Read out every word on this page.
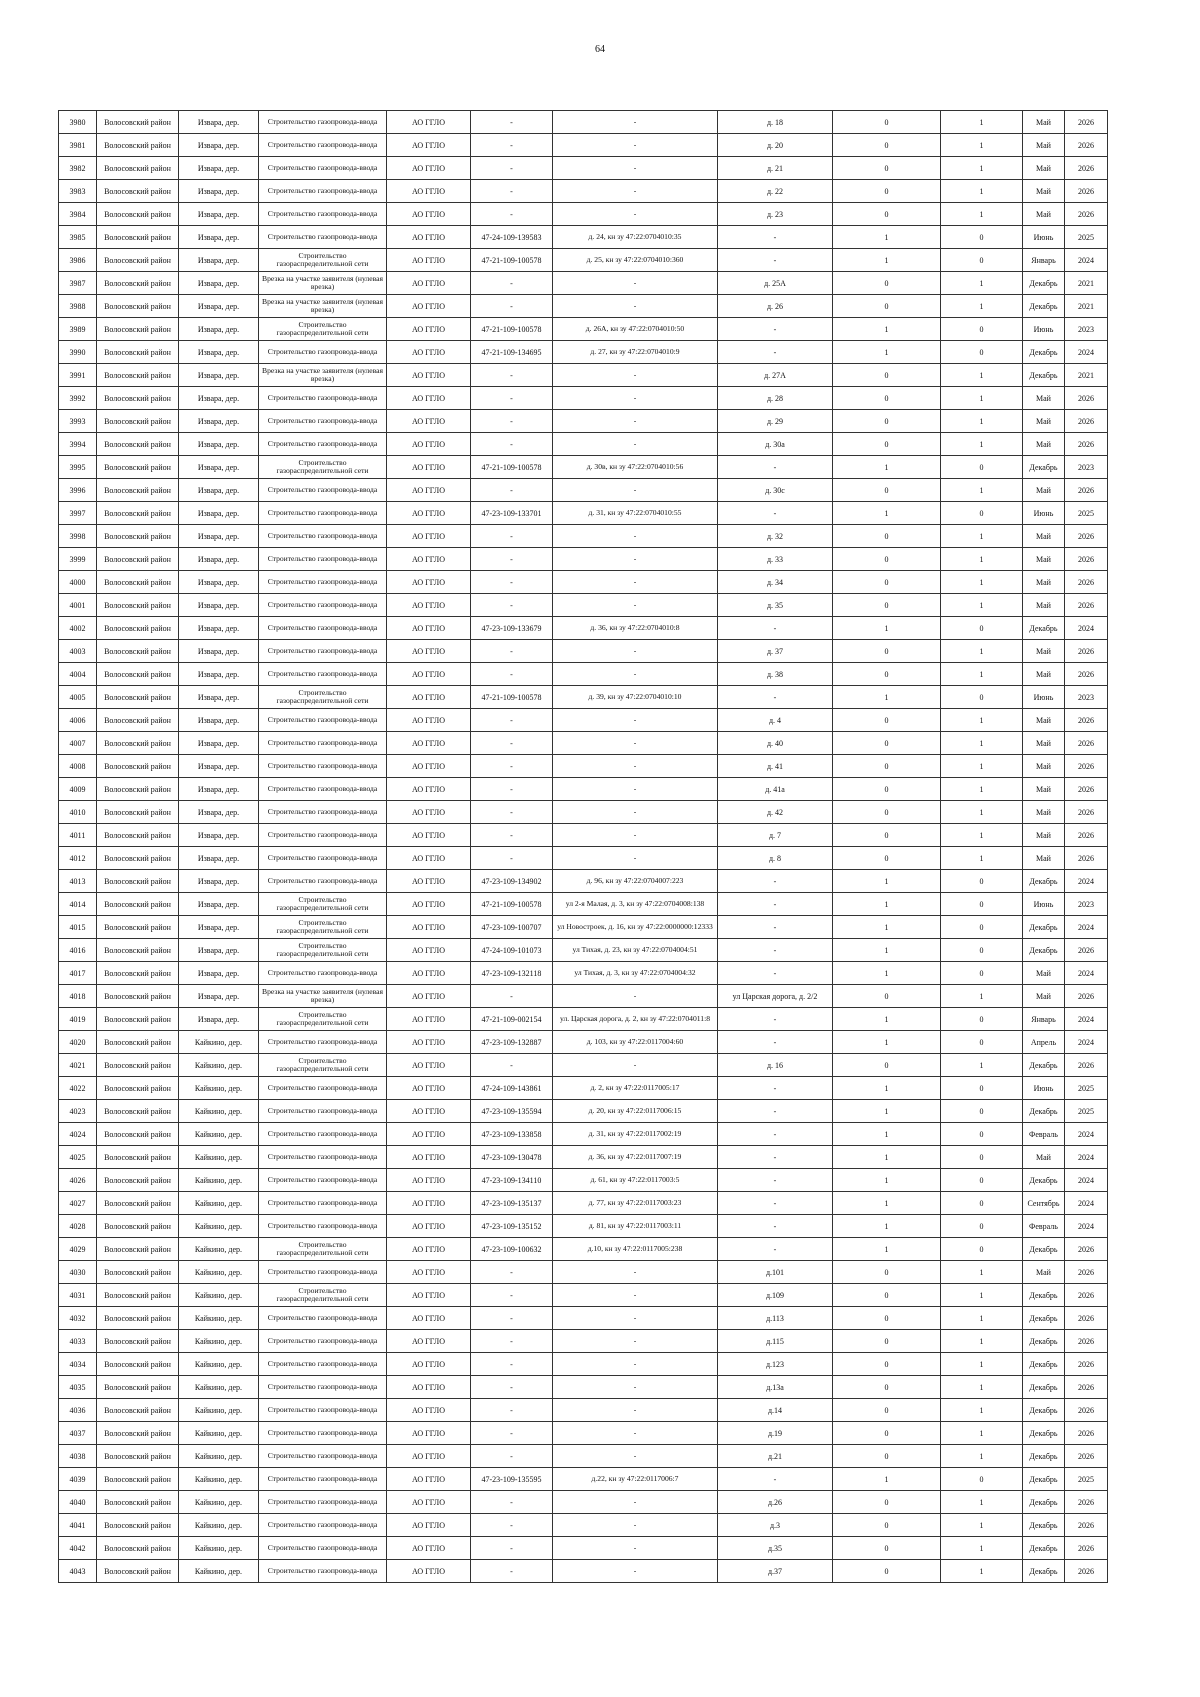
64
3980	Волосовский район	Извара, дер.	Строительство газопровода-ввода	АО ГГЛО	-	-	д. 18	0	1	Май	2026
3981	Волосовский район	Извара, дер.	Строительство газопровода-ввода	АО ГГЛО	-	-	д. 20	0	1	Май	2026
3982	Волосовский район	Извара, дер.	Строительство газопровода-ввода	АО ГГЛО	-	-	д. 21	0	1	Май	2026
3983	Волосовский район	Извара, дер.	Строительство газопровода-ввода	АО ГГЛО	-	-	д. 22	0	1	Май	2026
3984	Волосовский район	Извара, дер.	Строительство газопровода-ввода	АО ГГЛО	-	-	д. 23	0	1	Май	2026
3985	Волосовский район	Извара, дер.	Строительство газопровода-ввода	АО ГГЛО	47-24-109-139583	д. 24, кн зу 47:22:0704010:35	-	1	0	Июнь	2025
3986	Волосовский район	Извара, дер.	Строительство газораспределительной сети	АО ГГЛО	47-21-109-100578	д. 25, кн зу 47:22:0704010:360	-	1	0	Январь	2024
3987	Волосовский район	Извара, дер.	Врезка на участке заявителя (нулевая врезка)	АО ГГЛО	-	-	д. 25А	0	1	Декабрь	2021
3988	Волосовский район	Извара, дер.	Врезка на участке заявителя (нулевая врезка)	АО ГГЛО	-	-	д. 26	0	1	Декабрь	2021
3989	Волосовский район	Извара, дер.	Строительство газораспределительной сети	АО ГГЛО	47-21-109-100578	д. 26А, кн зу 47:22:0704010:50	-	1	0	Июнь	2023
3990	Волосовский район	Извара, дер.	Строительство газопровода-ввода	АО ГГЛО	47-21-109-134695	д. 27, кн зу 47:22:0704010:9	-	1	0	Декабрь	2024
3991	Волосовский район	Извара, дер.	Врезка на участке заявителя (нулевая врезка)	АО ГГЛО	-	-	д. 27А	0	1	Декабрь	2021
3992	Волосовский район	Извара, дер.	Строительство газопровода-ввода	АО ГГЛО	-	-	д. 28	0	1	Май	2026
3993	Волосовский район	Извара, дер.	Строительство газопровода-ввода	АО ГГЛО	-	-	д. 29	0	1	Май	2026
3994	Волосовский район	Извара, дер.	Строительство газопровода-ввода	АО ГГЛО	-	-	д. 30а	0	1	Май	2026
3995	Волосовский район	Извара, дер.	Строительство газораспределительной сети	АО ГГЛО	47-21-109-100578	д. 30в, кн зу 47:22:0704010:56	-	1	0	Декабрь	2023
3996	Волосовский район	Извара, дер.	Строительство газопровода-ввода	АО ГГЛО	-	-	д. 30с	0	1	Май	2026
3997	Волосовский район	Извара, дер.	Строительство газопровода-ввода	АО ГГЛО	47-23-109-133701	д. 31, кн зу 47:22:0704010:55	-	1	0	Июнь	2025
3998	Волосовский район	Извара, дер.	Строительство газопровода-ввода	АО ГГЛО	-	-	д. 32	0	1	Май	2026
3999	Волосовский район	Извара, дер.	Строительство газопровода-ввода	АО ГГЛО	-	-	д. 33	0	1	Май	2026
4000	Волосовский район	Извара, дер.	Строительство газопровода-ввода	АО ГГЛО	-	-	д. 34	0	1	Май	2026
4001	Волосовский район	Извара, дер.	Строительство газопровода-ввода	АО ГГЛО	-	-	д. 35	0	1	Май	2026
4002	Волосовский район	Извара, дер.	Строительство газопровода-ввода	АО ГГЛО	47-23-109-133679	д. 36, кн зу 47:22:0704010:8	-	1	0	Декабрь	2024
4003	Волосовский район	Извара, дер.	Строительство газопровода-ввода	АО ГГЛО	-	-	д. 37	0	1	Май	2026
4004	Волосовский район	Извара, дер.	Строительство газопровода-ввода	АО ГГЛО	-	-	д. 38	0	1	Май	2026
4005	Волосовский район	Извара, дер.	Строительство газораспределительной сети	АО ГГЛО	47-21-109-100578	д. 39, кн зу 47:22:0704010:10	-	1	0	Июнь	2023
4006	Волосовский район	Извара, дер.	Строительство газопровода-ввода	АО ГГЛО	-	-	д. 4	0	1	Май	2026
4007	Волосовский район	Извара, дер.	Строительство газопровода-ввода	АО ГГЛО	-	-	д. 40	0	1	Май	2026
4008	Волосовский район	Извара, дер.	Строительство газопровода-ввода	АО ГГЛО	-	-	д. 41	0	1	Май	2026
4009	Волосовский район	Извара, дер.	Строительство газопровода-ввода	АО ГГЛО	-	-	д. 41а	0	1	Май	2026
4010	Волосовский район	Извара, дер.	Строительство газопровода-ввода	АО ГГЛО	-	-	д. 42	0	1	Май	2026
4011	Волосовский район	Извара, дер.	Строительство газопровода-ввода	АО ГГЛО	-	-	д. 7	0	1	Май	2026
4012	Волосовский район	Извара, дер.	Строительство газопровода-ввода	АО ГГЛО	-	-	д. 8	0	1	Май	2026
4013	Волосовский район	Извара, дер.	Строительство газопровода-ввода	АО ГГЛО	47-23-109-134902	д. 96, кн зу 47:22:0704007:223	-	1	0	Декабрь	2024
4014	Волосовский район	Извара, дер.	Строительство газораспределительной сети	АО ГГЛО	47-21-109-100578	ул 2-я Малая, д. 3, кн зу 47:22:0704008:138	-	1	0	Июнь	2023
4015	Волосовский район	Извара, дер.	Строительство газораспределительной сети	АО ГГЛО	47-23-109-100707	ул Новостроек, д. 16, кн зу 47:22:0000000:12333	-	1	0	Декабрь	2024
4016	Волосовский район	Извара, дер.	Строительство газораспределительной сети	АО ГГЛО	47-24-109-101073	ул Тихая, д. 23, кн зу 47:22:0704004:51	-	1	0	Декабрь	2026
4017	Волосовский район	Извара, дер.	Строительство газопровода-ввода	АО ГГЛО	47-23-109-132118	ул Тихая, д. 3, кн зу 47:22:0704004:32	-	1	0	Май	2024
4018	Волосовский район	Извара, дер.	Врезка на участке заявителя (нулевая врезка)	АО ГГЛО	-	-	ул Царская дорога, д. 2/2	0	1	Май	2026
4019	Волосовский район	Извара, дер.	Строительство газораспределительной сети	АО ГГЛО	47-21-109-002154	ул. Царская дорога, д. 2, кн зу 47:22:0704011:8	-	1	0	Январь	2024
4020	Волосовский район	Кайкино, дер.	Строительство газопровода-ввода	АО ГГЛО	47-23-109-132887	д. 103, кн зу 47:22:0117004:60	-	1	0	Апрель	2024
4021	Волосовский район	Кайкино, дер.	Строительство газораспределительной сети	АО ГГЛО	-	-	д. 16	0	1	Декабрь	2026
4022	Волосовский район	Кайкино, дер.	Строительство газопровода-ввода	АО ГГЛО	47-24-109-143861	д. 2, кн зу 47:22:0117005:17	-	1	0	Июнь	2025
4023	Волосовский район	Кайкино, дер.	Строительство газопровода-ввода	АО ГГЛО	47-23-109-135594	д. 20, кн зу 47:22:0117006:15	-	1	0	Декабрь	2025
4024	Волосовский район	Кайкино, дер.	Строительство газопровода-ввода	АО ГГЛО	47-23-109-133858	д. 31, кн зу 47:22:0117002:19	-	1	0	Февраль	2024
4025	Волосовский район	Кайкино, дер.	Строительство газопровода-ввода	АО ГГЛО	47-23-109-130478	д. 36, кн зу 47:22:0117007:19	-	1	0	Май	2024
4026	Волосовский район	Кайкино, дер.	Строительство газопровода-ввода	АО ГГЛО	47-23-109-134110	д. 61, кн зу 47:22:0117003:5	-	1	0	Декабрь	2024
4027	Волосовский район	Кайкино, дер.	Строительство газопровода-ввода	АО ГГЛО	47-23-109-135137	д. 77, кн зу 47:22:0117003:23	-	1	0	Сентябрь	2024
4028	Волосовский район	Кайкино, дер.	Строительство газопровода-ввода	АО ГГЛО	47-23-109-135152	д. 81, кн зу 47:22:0117003:11	-	1	0	Февраль	2024
4029	Волосовский район	Кайкино, дер.	Строительство газораспределительной сети	АО ГГЛО	47-23-109-100632	д.10, кн зу 47:22:0117005:238	-	1	0	Декабрь	2026
4030	Волосовский район	Кайкино, дер.	Строительство газопровода-ввода	АО ГГЛО	-	-	д.101	0	1	Май	2026
4031	Волосовский район	Кайкино, дер.	Строительство газораспределительной сети	АО ГГЛО	-	-	д.109	0	1	Декабрь	2026
4032	Волосовский район	Кайкино, дер.	Строительство газопровода-ввода	АО ГГЛО	-	-	д.113	0	1	Декабрь	2026
4033	Волосовский район	Кайкино, дер.	Строительство газопровода-ввода	АО ГГЛО	-	-	д.115	0	1	Декабрь	2026
4034	Волосовский район	Кайкино, дер.	Строительство газопровода-ввода	АО ГГЛО	-	-	д.123	0	1	Декабрь	2026
4035	Волосовский район	Кайкино, дер.	Строительство газопровода-ввода	АО ГГЛО	-	-	д.13а	0	1	Декабрь	2026
4036	Волосовский район	Кайкино, дер.	Строительство газопровода-ввода	АО ГГЛО	-	-	д.14	0	1	Декабрь	2026
4037	Волосовский район	Кайкино, дер.	Строительство газопровода-ввода	АО ГГЛО	-	-	д.19	0	1	Декабрь	2026
4038	Волосовский район	Кайкино, дер.	Строительство газопровода-ввода	АО ГГЛО	-	-	д.21	0	1	Декабрь	2026
4039	Волосовский район	Кайкино, дер.	Строительство газопровода-ввода	АО ГГЛО	47-23-109-135595	д.22, кн зу 47:22:0117006:7	-	1	0	Декабрь	2025
4040	Волосовский район	Кайкино, дер.	Строительство газопровода-ввода	АО ГГЛО	-	-	д.26	0	1	Декабрь	2026
4041	Волосовский район	Кайкино, дер.	Строительство газопровода-ввода	АО ГГЛО	-	-	д.3	0	1	Декабрь	2026
4042	Волосовский район	Кайкино, дер.	Строительство газопровода-ввода	АО ГГЛО	-	-	д.35	0	1	Декабрь	2026
4043	Волосовский район	Кайкино, дер.	Строительство газопровода-ввода	АО ГГЛО	-	-	д.37	0	1	Декабрь	2026
